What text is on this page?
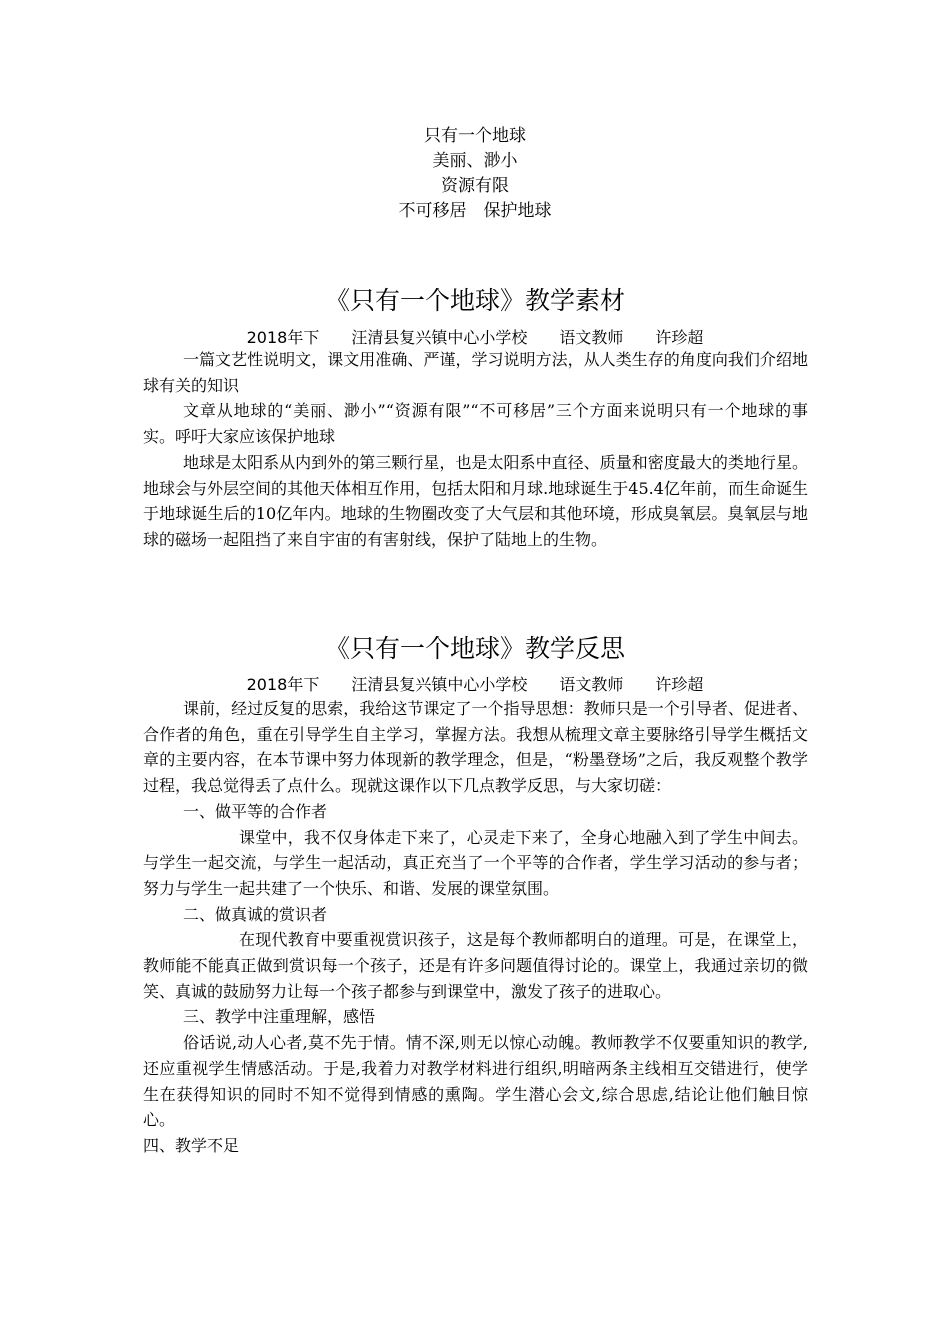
只有一个地球
美丽、渺小
资源有限
不可移居　保护地球
《只有一个地球》教学素材
2018年下　　汪清县复兴镇中心小学校　　语文教师　　许珍超

一篇文艺性说明文，课文用准确、严谨，学习说明方法，从人类生存的角度向我们介绍地球有关的知识

文章从地球的“美丽、渺小”“资源有限”“不可移居”三个方面来说明只有一个地球的事实。呼吁大家应该保护地球

地球是太阳系从内到外的第三颗行星，也是太阳系中直径、质量和密度最大的类地行星。地球会与外层空间的其他天体相互作用，包括太阳和月球.地球诞生于45.4亿年前，而生命诞生于地球诞生后的10亿年内。地球的生物圈改变了大气层和其他环境，形成臭氧层。臭氧层与地球的磁场一起阻挡了来自宇宙的有害射线，保护了陆地上的生物。

《只有一个地球》教学反思
2018年下　　汪清县复兴镇中心小学校　　语文教师　　许珍超

课前，经过反复的思索，我给这节课定了一个指导思想：教师只是一个引导者、促进者、合作者的角色，重在引导学生自主学习，掌握方法。我想从梳理文章主要脉络引导学生概括文章的主要内容，在本节课中努力体现新的教学理念，但是，“粉墨登场”之后，我反观整个教学过程，我总觉得丢了点什么。现就这课作以下几点教学反思，与大家切磋：

一、做平等的合作者

课堂中，我不仅身体走下来了，心灵走下来了，全身心地融入到了学生中间去。与学生一起交流，与学生一起活动，真正充当了一个平等的合作者，学生学习活动的参与者；努力与学生一起共建了一个快乐、和谐、发展的课堂氛围。

二、做真诚的赏识者

在现代教育中要重视赏识孩子，这是每个教师都明白的道理。可是，在课堂上，教师能不能真正做到赏识每一个孩子，还是有许多问题值得讨论的。课堂上，我通过亲切的微笑、真诚的鼓励努力让每一个孩子都参与到课堂中，激发了孩子的进取心。

三、教学中注重理解，感悟

俗话说,动人心者,莫不先于情。情不深,则无以惊心动魄。教师教学不仅要重知识的教学,还应重视学生情感活动。于是,我着力对教学材料进行组织,明暗两条主线相互交错进行，使学生在获得知识的同时不知不觉得到情感的熏陶。学生潜心会文,综合思虑,结论让他们触目惊心。

四、教学不足
